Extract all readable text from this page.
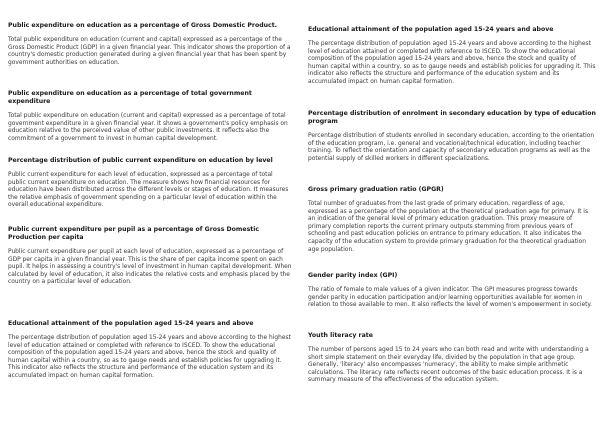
Public expenditure on education as a percentage of Gross Domestic Product.

Total public expenditure on education (current and capital) expressed as a percentage of the Gross Domestic Product (GDP) in a given financial year. This indicator shows the proportion of a country's domestic production generated during a given financial year that has been spent by government authorities on education.

Public expenditure on education as a percentage of total government expenditure

Total public expenditure on education (current and capital) expressed as a percentage of total government expenditure in a given financial year. It shows a government's policy emphasis on education relative to the perceived value of other public investments. It reflects also the commitment of a government to invest in human capital development.

Percentage distribution of public current expenditure on education by level

Public current expenditure for each level of education, expressed as a percentage of total public current expenditure on education. The measure shows how financial resources for education have been distributed across the different levels or stages of education. It measures the relative emphasis of government spending on a particular level of education within the overall educational expenditure.

Public current expenditure per pupil as a percentage of Gross Domestic Production per capita

Public current expenditure per pupil at each level of education, expressed as a percentage of GDP per capita in a given financial year. This is the share of per capita income spent on each pupil. It helps in assessing a country's level of investment in human capital development. When calculated by level of education, it also indicates the relative costs and emphasis placed by the country on a particular level of education.

Educational attainment of the population aged 15-24 years and above

The percentage distribution of population aged 15-24 years and above according to the highest level of education attained or completed with reference to ISCED. To show the educational composition of the population aged 15-24 years and above, hence the stock and quality of human capital within a country, so as to gauge needs and establish policies for upgrading it. This indicator also reflects the structure and performance of the education system and its accumulated impact on human capital formation.

Educational attainment of the population aged 15-24 years and above

The percentage distribution of population aged 15-24 years and above according to the highest level of education attained or completed with reference to ISCED. To show the educational composition of the population aged 15-24 years and above, hence the stock and quality of human capital within a country, so as to gauge needs and establish policies for upgrading it. This indicator also reflects the structure and performance of the education system and its accumulated impact on human capital formation.

Percentage distribution of enrolment in secondary education by type of education program

Percentage distribution of students enrolled in secondary education, according to the orientation of the education program, i.e. general and vocational/technical education, including teacher training. To reflect the orientation and capacity of secondary education programs as well as the potential supply of skilled workers in different specializations.

Gross primary graduation ratio (GPGR)

Total number of graduates from the last grade of primary education, regardless of age, expressed as a percentage of the population at the theoretical graduation age for primary. It is an indication of the general level of primary education graduation. This proxy measure of primary completion reports the current primary outputs stemming from previous years of schooling and past education policies on entrance to primary education. It also indicates the capacity of the education system to provide primary graduation for the theoretical graduation age population.

Gender parity index (GPI)

The ratio of female to male values of a given indicator. The GPI measures progress towards gender parity in education participation and/or learning opportunities available for women in relation to those available to men. It also reflects the level of women's empowerment in society.

Youth literacy rate

The number of persons aged 15 to 24 years who can both read and write with understanding a short simple statement on their everyday life, divided by the population in that age group. Generally, 'literacy' also encompasses 'numeracy', the ability to make simple arithmetic calculations. The literacy rate reflects recent outcomes of the basic education process. It is a summary measure of the effectiveness of the education system.
